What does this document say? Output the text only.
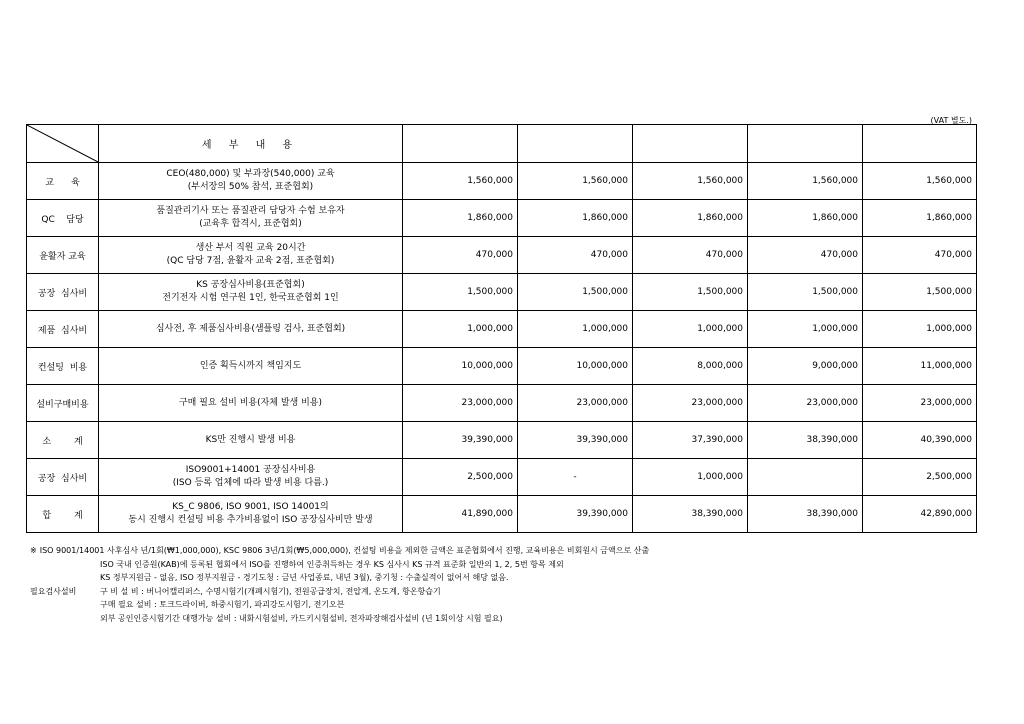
(VAT 별도.)
	세 부 내 용					
교      육	CEO(480,000) 및 부과장(540,000) 교육
(부서장의 50% 참석, 표준협회)	1,560,000	1,560,000	1,560,000	1,560,000	1,560,000
QC    담당	품질관리기사 또는 품질관리 담당자 수험 보유자
(교육후 합격시, 표준협회)	1,860,000	1,860,000	1,860,000	1,860,000	1,860,000
윤활자 교육	생산 부서 직원 교육 20시간
(QC 담당 7점, 윤활자 교육 2점, 표준협회)	470,000	470,000	470,000	470,000	470,000
공장  심사비	KS 공장심사비용(표준협회)
전기전자 시험 연구원 1인, 한국표준협회 1인	1,500,000	1,500,000	1,500,000	1,500,000	1,500,000
제품  심사비	심사전, 후 제품심사비용(샘플링 검사, 표준협회)	1,000,000	1,000,000	1,000,000	1,000,000	1,000,000
컨설팅  비용	인증 획득시까지 책임지도	10,000,000	10,000,000	8,000,000	9,000,000	11,000,000
설비구매비용	구매 필요 설비 비용(자체 발생 비용)	23,000,000	23,000,000	23,000,000	23,000,000	23,000,000
소        계	KS만 진행시 발생 비용	39,390,000	39,390,000	37,390,000	38,390,000	40,390,000
공장  심사비	ISO9001+14001 공장심사비용
(ISO 등록 업체에 따라 발생 비용 다름.)	2,500,000	-	1,000,000		2,500,000
합        계	KS_C 9806, ISO 9001, ISO 14001의
동시 진행시 컨설팅 비용 추가비용없이 ISO 공장심사비만 발생	41,890,000	39,390,000	38,390,000	38,390,000	42,890,000
※ ISO 9001/14001 사후심사 년/1회(₩1,000,000), KSC 9806 3년/1회(₩5,000,000), 컨설팅 비용을 제외한 금액은 표준협회에서 진행, 교육비용은 비회원시 금액으로 산출
ISO 국내 인증원(KAB)에 등록된 협회에서 ISO를 진행하여 인증취득하는 경우 KS 심사시 KS 규격 표준화 일반의 1, 2, 5번 항목 제외
KS 정부지원금 - 없음, ISO 정부지원금 - 경기도청 : 금년 사업종료, 내년 3월), 중기청 : 수출실적이 없어서 해당 없음.
필요검사설비	구 비 설 비 : 버니어캘리퍼스, 수명시험기(개폐시험기), 전원공급장치, 전압계, 온도계, 항온항습기
구매 필요 설비 : 토크드라이버, 하중시험기, 파괴강도시험기, 전기오븐
외부 공인인증시험기간 대행가능 설비 : 내화시험설비, 카드키시험설비, 전자파장해검사설비 (년 1회이상 시험 필요)
